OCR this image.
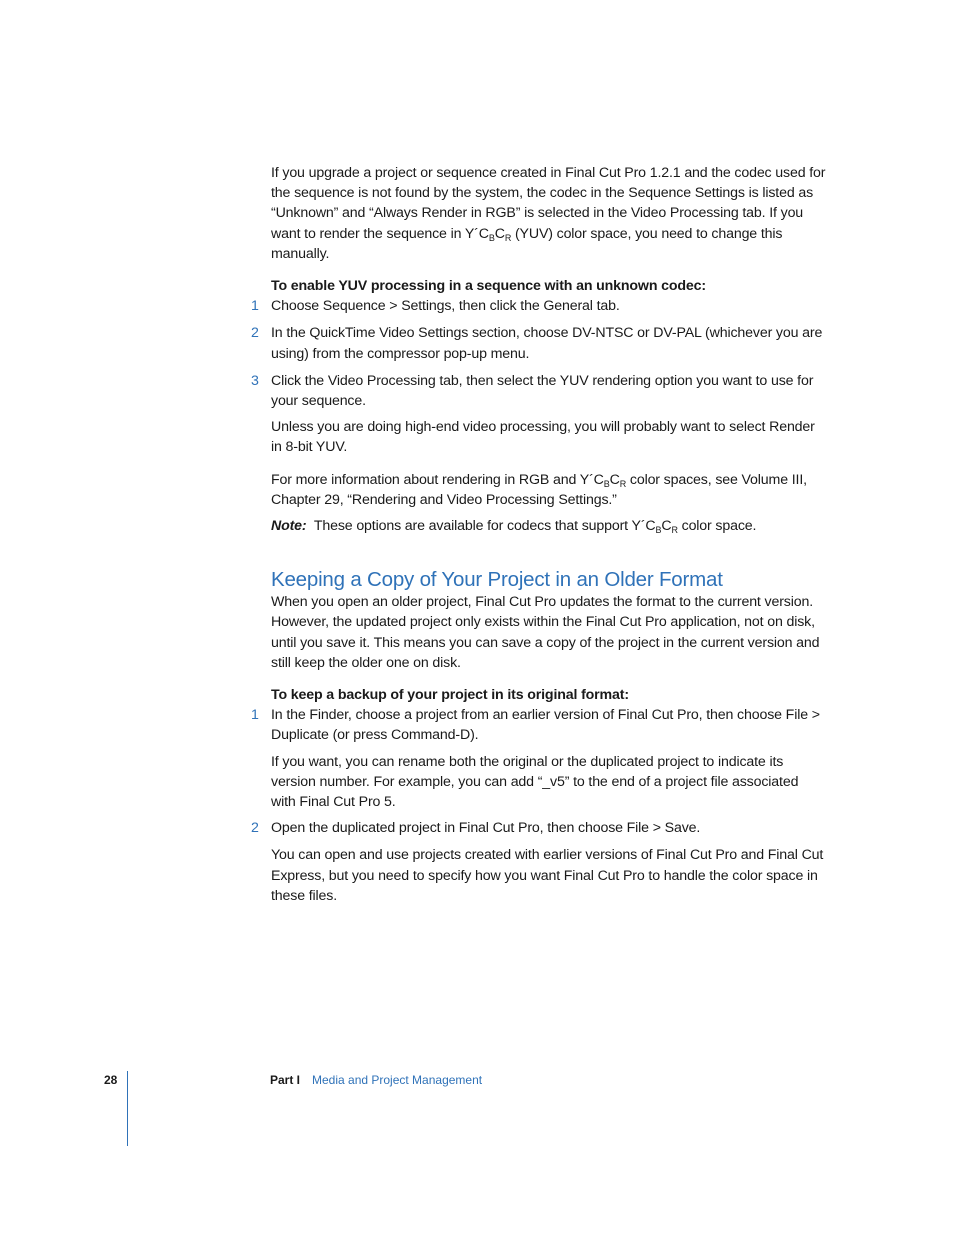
If you upgrade a project or sequence created in Final Cut Pro 1.2.1 and the codec used for the sequence is not found by the system, the codec in the Sequence Settings is listed as “Unknown” and “Always Render in RGB” is selected in the Video Processing tab. If you want to render the sequence in $Y´C_BC_R$ (YUV) color space, you need to change this manually.

To enable YUV processing in a sequence with an unknown codec:

1 Choose Sequence > Settings, then click the General tab.

2 In the QuickTime Video Settings section, choose DV-NTSC or DV-PAL (whichever you are using) from the compressor pop-up menu.

3 Click the Video Processing tab, then select the YUV rendering option you want to use for your sequence.

Unless you are doing high-end video processing, you will probably want to select Render in 8-bit YUV.

For more information about rendering in RGB and $Y´C_BC_R$ color spaces, see Volume III, Chapter 29, “Rendering and Video Processing Settings.”

Note:  These options are available for codecs that support $Y´C_BC_R$ color space.

Keeping a Copy of Your Project in an Older Format

When you open an older project, Final Cut Pro updates the format to the current version. However, the updated project only exists within the Final Cut Pro application, not on disk, until you save it. This means you can save a copy of the project in the current version and still keep the older one on disk.

To keep a backup of your project in its original format:

1 In the Finder, choose a project from an earlier version of Final Cut Pro, then choose File > Duplicate (or press Command-D).

If you want, you can rename both the original or the duplicated project to indicate its version number. For example, you can add “_v5” to the end of a project file associated with Final Cut Pro 5.

2 Open the duplicated project in Final Cut Pro, then choose File > Save.

You can open and use projects created with earlier versions of Final Cut Pro and Final Cut Express, but you need to specify how you want Final Cut Pro to handle the color space in these files.

28	Part I Media and Project Management
